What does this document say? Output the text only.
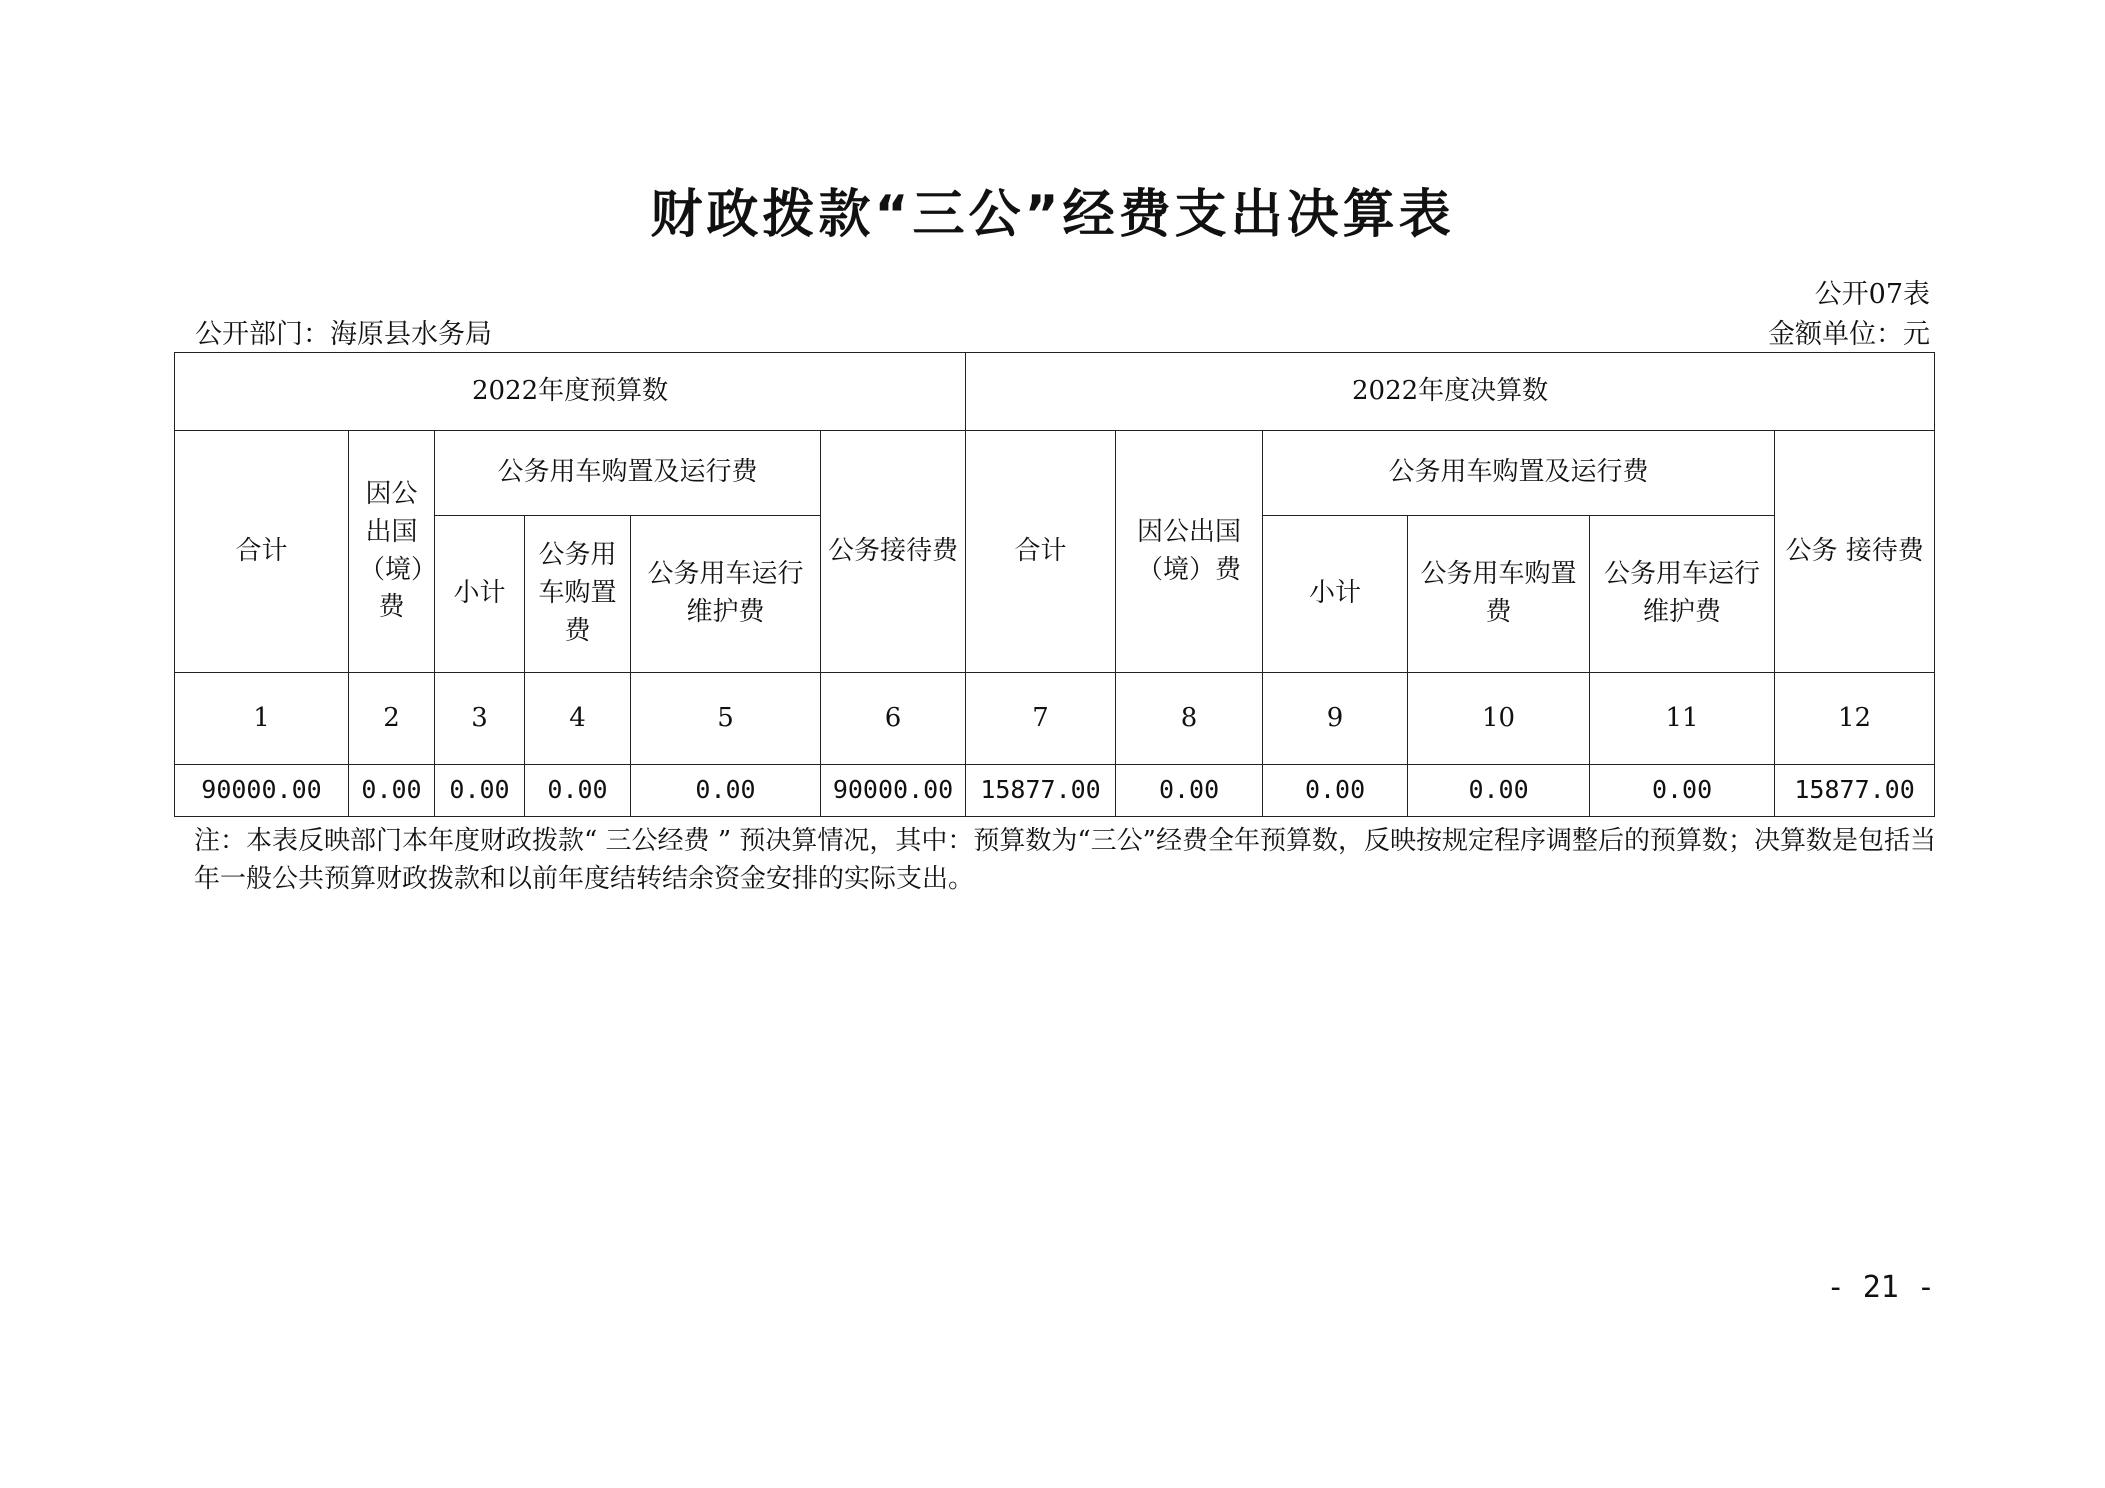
财政拨款“三公”经费支出决算表
公开07表
公开部门：海原县水务局	金额单位：元
2022年度预算数						2022年度决算数					
合计	因公出国（境）费	公务用车购置及运行费			公务接待费	合计	因公出国（境）费	公务用车购置及运行费			公务 接待费
		小计	公务用车购置费	公务用车运行维护费				小计	公务用车购置费	公务用车运行维护费	
1	2	3	4	5	6	7	8	9	10	11	12
90000.00	0.00	0.00	0.00	0.00	90000.00	15877.00	0.00	0.00	0.00	0.00	15877.00
注：本表反映部门本年度财政拨款“ 三公经费 ” 预决算情况，其中：预算数为“三公”经费全年预算数，反映按规定程序调整后的预算数；决算数是包括当年一般公共预算财政拨款和以前年度结转结余资金安排的实际支出。
- 21 -
